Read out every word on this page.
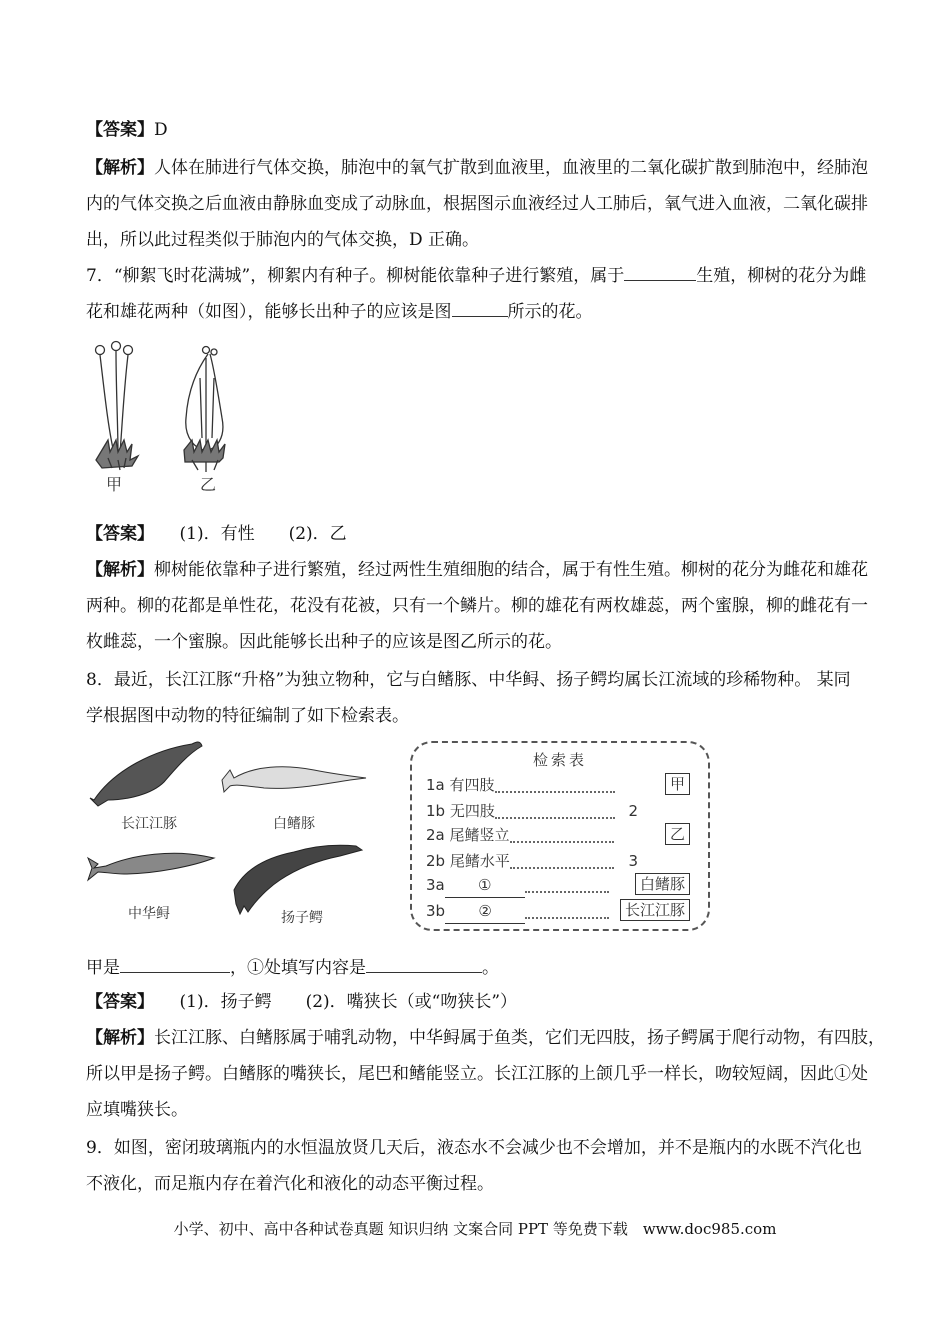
【答案】D
【解析】人体在肺进行气体交换，肺泡中的氧气扩散到血液里，血液里的二氧化碳扩散到肺泡中，经肺泡
内的气体交换之后血液由静脉血变成了动脉血，根据图示血液经过人工肺后，氧气进入血液，二氧化碳排
出，所以此过程类似于肺泡内的气体交换，D 正确。
7．“柳絮飞时花满城”，柳絮内有种子。柳树能依靠种子进行繁殖，属于	生殖，柳树的花分为雌
花和雄花两种（如图），能够长出种子的应该是图	所示的花。
甲	乙
【答案】　　 (1)．有性　　(2)．乙
【解析】柳树能依靠种子进行繁殖，经过两性生殖细胞的结合，属于有性生殖。柳树的花分为雌花和雄花
两种。柳的花都是单性花，花没有花被，只有一个鳞片。柳的雄花有两枚雄蕊，两个蜜腺，柳的雌花有一
枚雌蕊，一个蜜腺。因此能够长出种子的应该是图乙所示的花。
8．最近，长江江豚“升格”为独立物种，它与白鳍豚、中华鲟、扬子鳄均属长江流域的珍稀物种。 某同
学根据图中动物的特征编制了如下检索表。
长江江豚	白鳍豚
中华鲟	扬子鳄
检索表
1a 有四肢	甲
1b 无四肢	2
2a 尾鳍竖立	乙
2b 尾鳍水平	3
3a ①	白鳍豚
3b ②	长江江豚
甲是	，①处填写内容是	。
【答案】　　 (1)．扬子鳄　　(2)．嘴狭长（或“吻狭长”）
【解析】长江江豚、白鳍豚属于哺乳动物，中华鲟属于鱼类，它们无四肢，扬子鳄属于爬行动物，有四肢，
所以甲是扬子鳄。白鳍豚的嘴狭长，尾巴和鳍能竖立。长江江豚的上颌几乎一样长，吻较短阔，因此①处
应填嘴狭长。
9．如图，密闭玻璃瓶内的水恒温放贤几天后，液态水不会减少也不会增加，并不是瓶内的水既不汽化也
不液化，而足瓶内存在着汽化和液化的动态平衡过程。
小学、初中、高中各种试卷真题 知识归纳 文案合同 PPT 等免费下载　www.doc985.com
